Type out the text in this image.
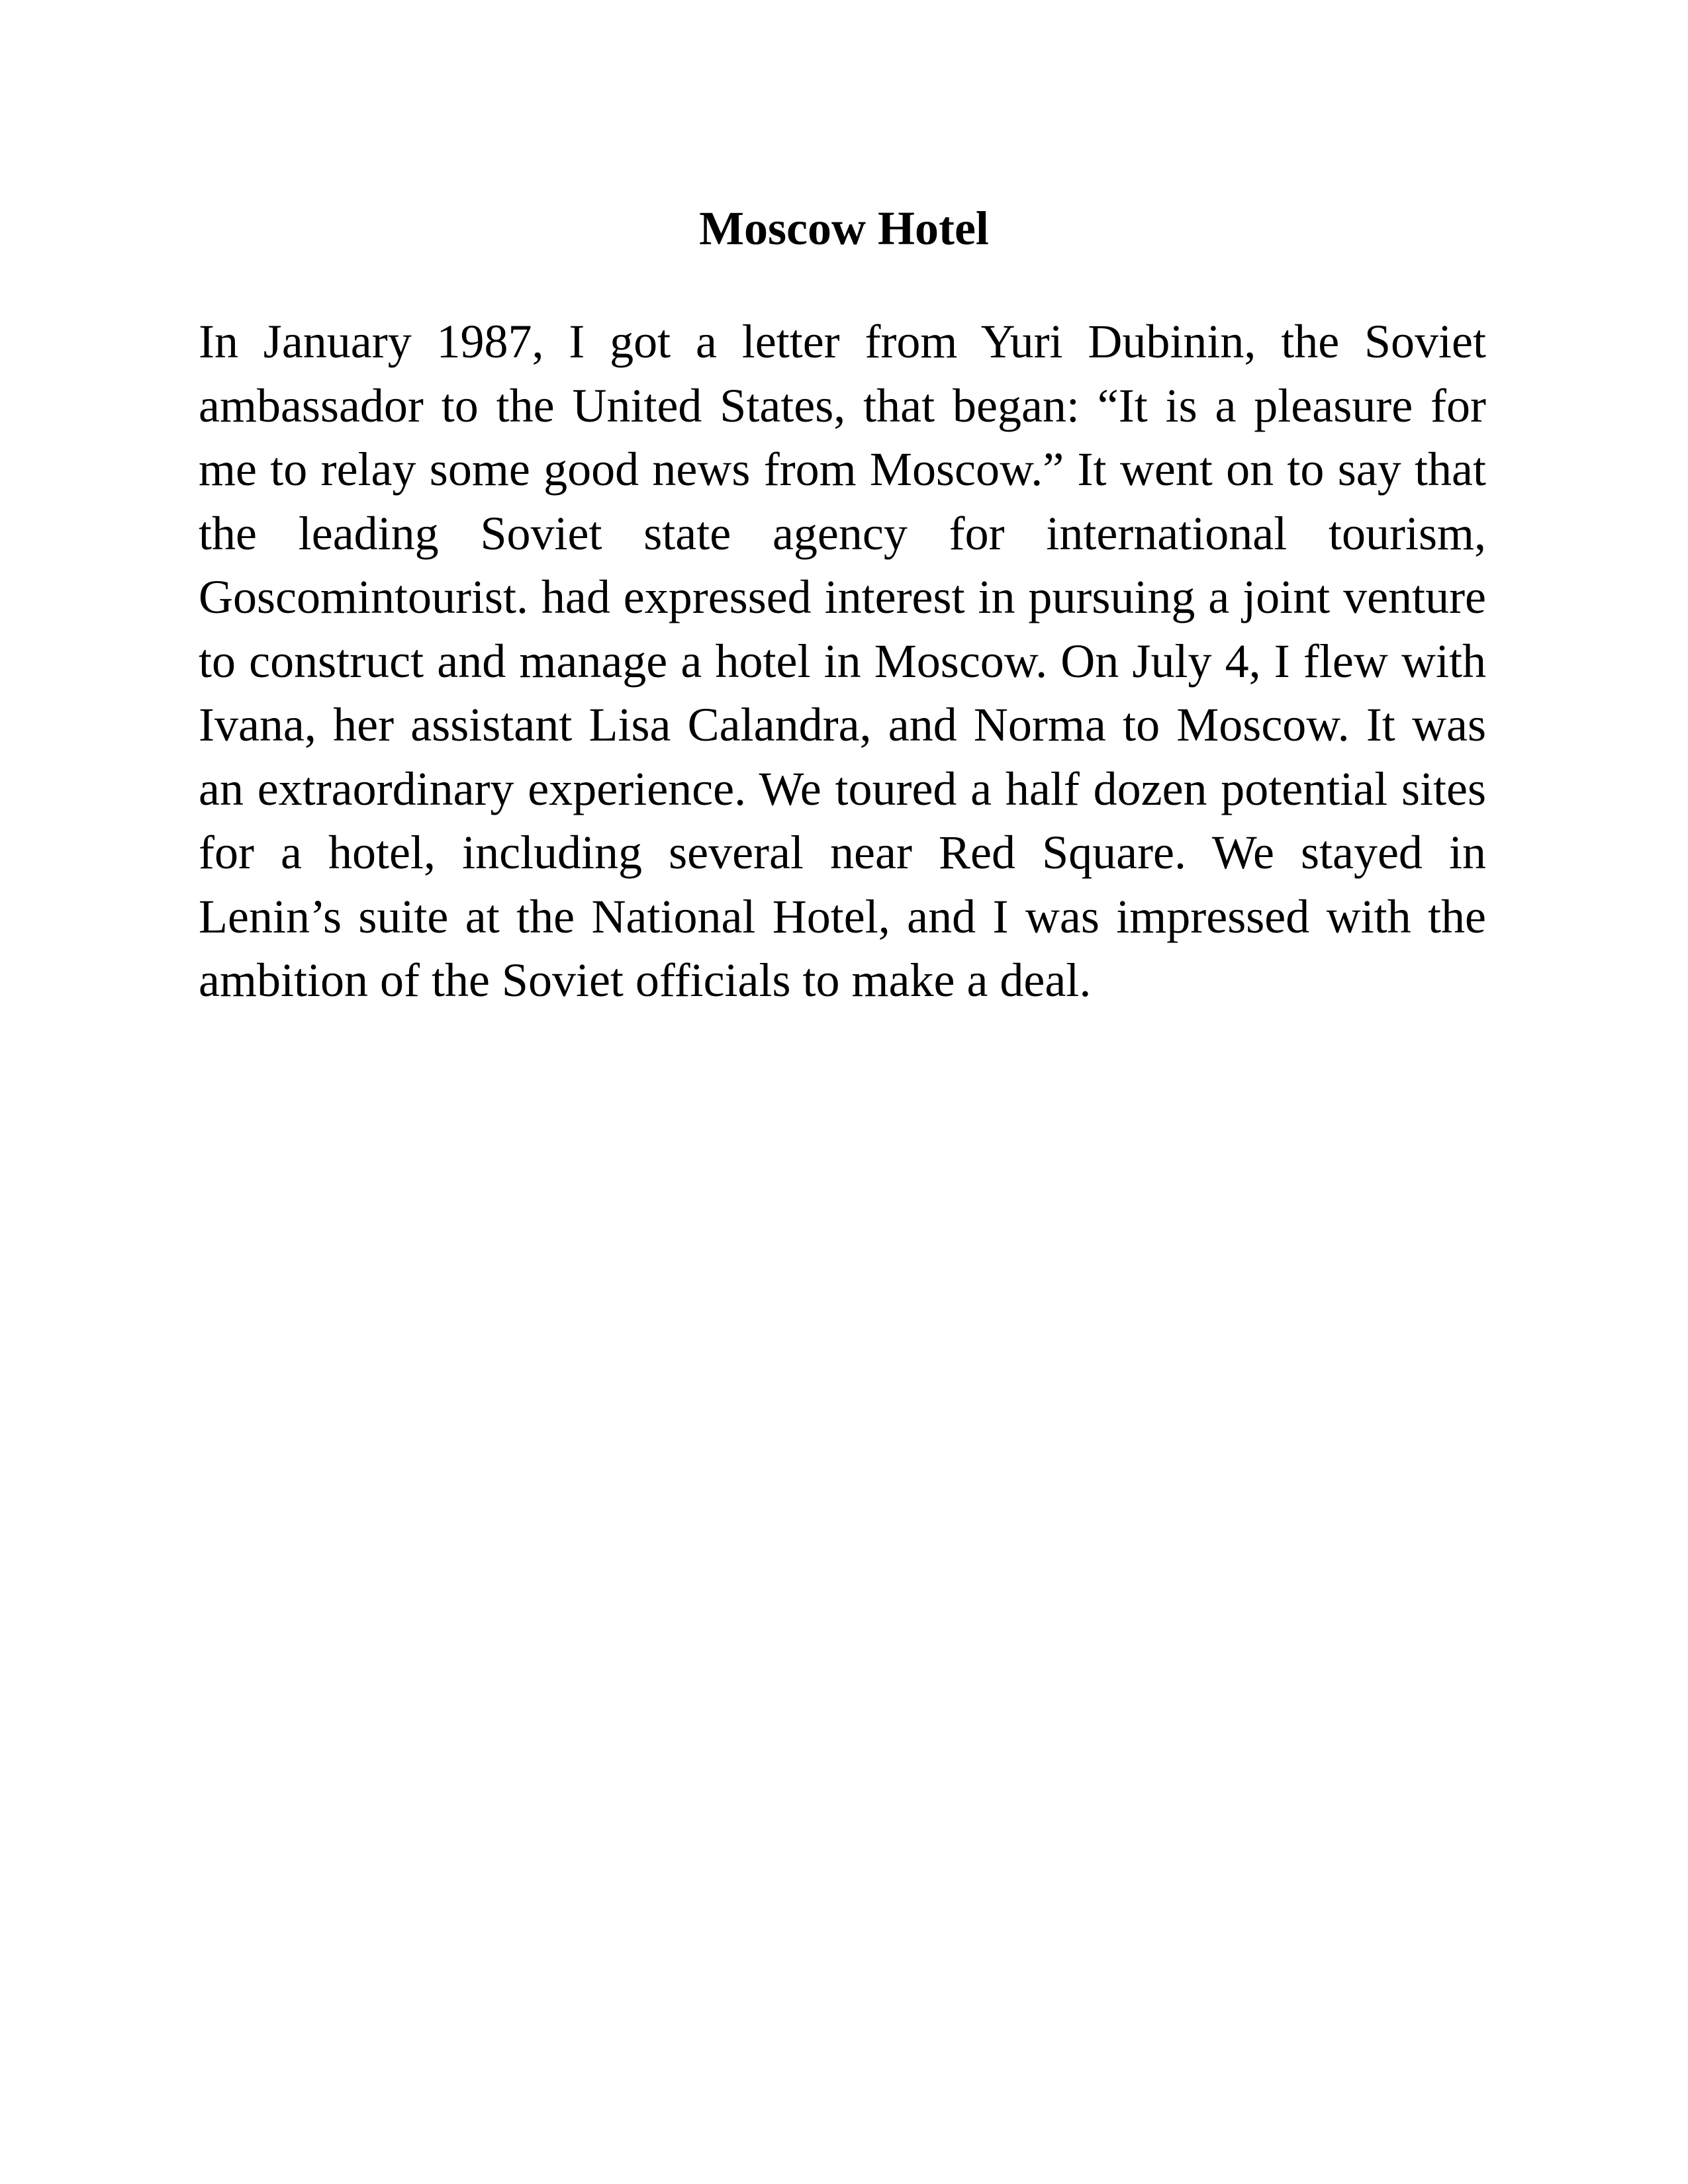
Moscow Hotel

In January 1987, I got a letter from Yuri Dubinin, the Soviet ambassador to the United States, that began: “It is a pleasure for me to relay some good news from Moscow.” It went on to say that the leading Soviet state agency for international tourism, Goscomintourist. had expressed interest in pursuing a joint venture to construct and manage a hotel in Moscow. On July 4, I flew with Ivana, her assistant Lisa Calandra, and Norma to Moscow. It was an extraordinary experience. We toured a half dozen potential sites for a hotel, including several near Red Square. We stayed in Lenin’s suite at the National Hotel, and I was impressed with the ambition of the Soviet officials to make a deal.
